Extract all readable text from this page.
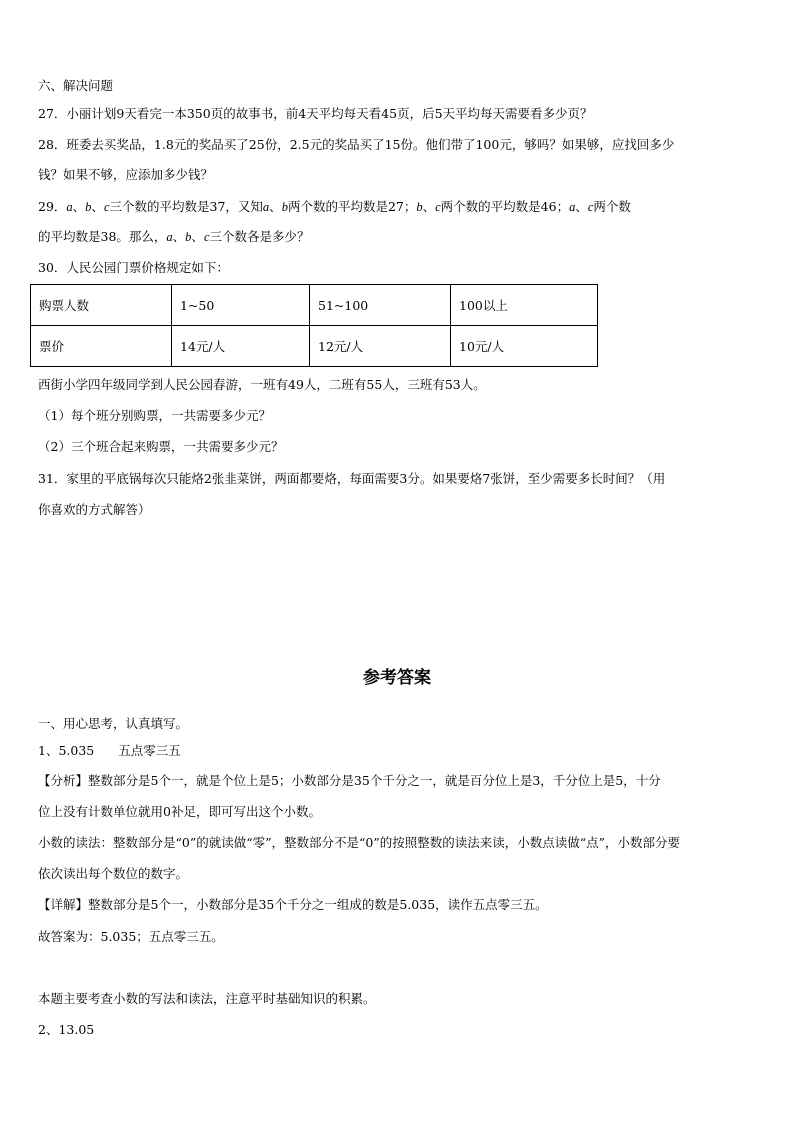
六、解决问题
27．小丽计划9天看完一本350页的故事书，前4天平均每天看45页，后5天平均每天需要看多少页？
28．班委去买奖品，1.8元的奖品买了25份，2.5元的奖品买了15份。他们带了100元，够吗？如果够，应找回多少
钱？如果不够，应添加多少钱？
29．a、b、c三个数的平均数是37，又知a、b两个数的平均数是27；b、c两个数的平均数是46；a、c两个数
的平均数是38。那么，a、b、c三个数各是多少？
30．人民公园门票价格规定如下：
购票人数	1~50	51~100	100以上
票价	14元/人	12元/人	10元/人
西街小学四年级同学到人民公园春游，一班有49人，二班有55人，三班有53人。
（1）每个班分别购票，一共需要多少元？
（2）三个班合起来购票，一共需要多少元？
31．家里的平底锅每次只能烙2张韭菜饼，两面都要烙，每面需要3分。如果要烙7张饼，至少需要多长时间？（用
你喜欢的方式解答）
参考答案
一、用心思考，认真填写。
1、5.035 五点零三五
【分析】整数部分是5个一，就是个位上是5；小数部分是35个千分之一，就是百分位上是3，千分位上是5，十分
位上没有计数单位就用0补足，即可写出这个小数。
小数的读法：整数部分是“0”的就读做“零”，整数部分不是“0”的按照整数的读法来读，小数点读做“点”，小数部分要
依次读出每个数位的数字。
【详解】整数部分是5个一，小数部分是35个千分之一组成的数是5.035，读作五点零三五。
故答案为：5.035；五点零三五。
本题主要考查小数的写法和读法，注意平时基础知识的积累。
2、13.05
